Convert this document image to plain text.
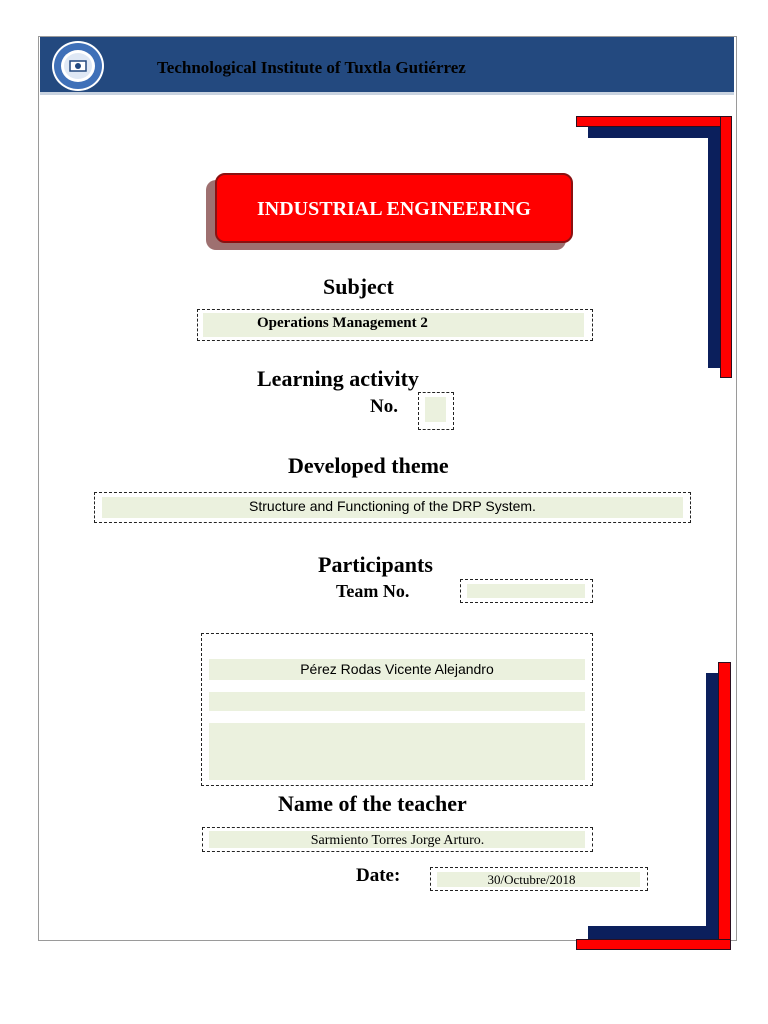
Technological Institute of Tuxtla Gutiérrez
INDUSTRIAL ENGINEERING
Subject
Operations Management 2
Learning activity
No.
Developed theme
Structure and Functioning of the DRP System.
Participants
Team No.
Pérez Rodas Vicente Alejandro
Name of the teacher
Sarmiento Torres Jorge Arturo.
Date:	30/Octubre/2018
